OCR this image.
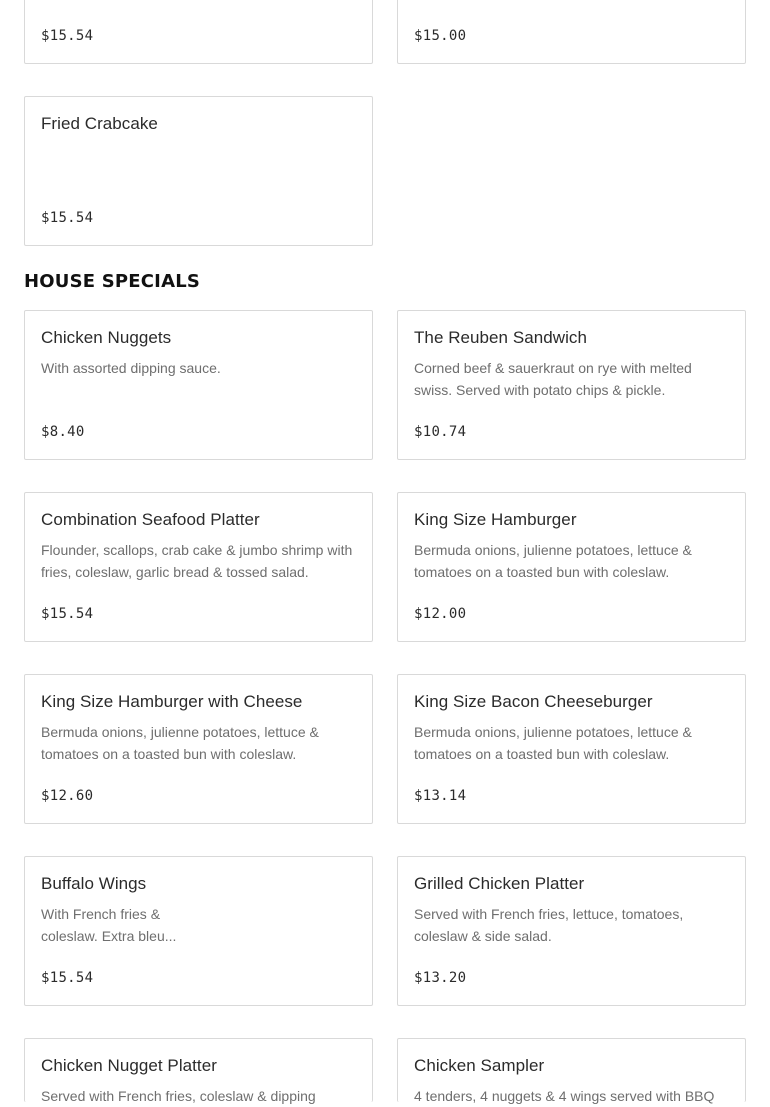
$15.54	$15.00
Fried Crabcake
$15.54
HOUSE SPECIALS
Chicken Nuggets
With assorted dipping sauce.
$8.40
The Reuben Sandwich
Corned beef & sauerkraut on rye with melted swiss. Served with potato chips & pickle.
$10.74
Combination Seafood Platter
Flounder, scallops, crab cake & jumbo shrimp with fries, coleslaw, garlic bread & tossed salad.
$15.54
King Size Hamburger
Bermuda onions, julienne potatoes, lettuce & tomatoes on a toasted bun with coleslaw.
$12.00
King Size Hamburger with Cheese
Bermuda onions, julienne potatoes, lettuce & tomatoes on a toasted bun with coleslaw.
$12.60
King Size Bacon Cheeseburger
Bermuda onions, julienne potatoes, lettuce & tomatoes on a toasted bun with coleslaw.
$13.14
Buffalo Wings
With French fries & coleslaw. Extra bleu...
$15.54
Grilled Chicken Platter
Served with French fries, lettuce, tomatoes, coleslaw & side salad.
$13.20
Chicken Nugget Platter
Served with French fries, coleslaw & dipping
Chicken Sampler
4 tenders, 4 nuggets & 4 wings served with BBQ
